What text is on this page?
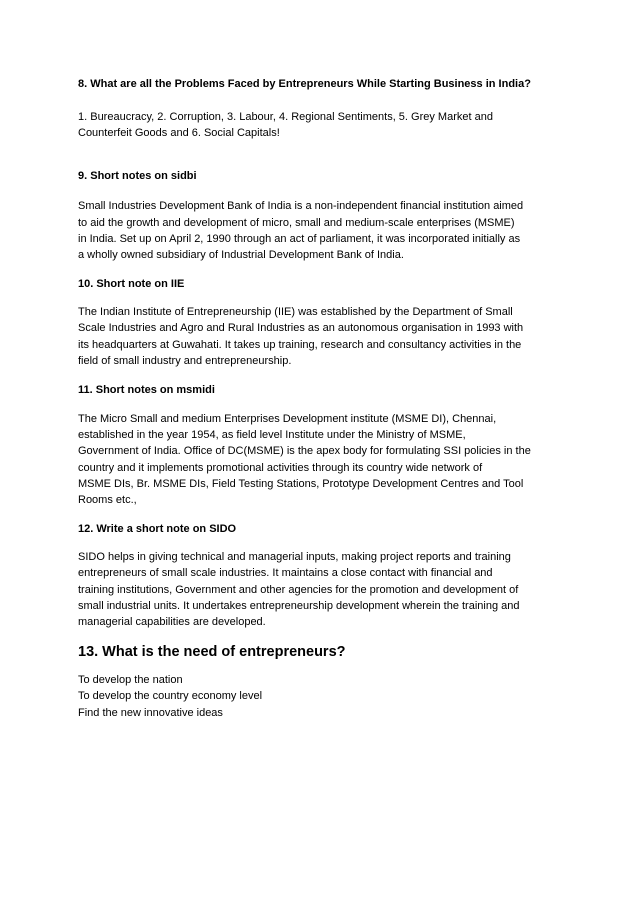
8. What are all the Problems Faced by Entrepreneurs While Starting Business in India?

1. Bureaucracy, 2. Corruption, 3. Labour, 4. Regional Sentiments, 5. Grey Market and
Counterfeit Goods and 6. Social Capitals!

9. Short notes on sidbi

Small Industries Development Bank of India is a non-independent financial institution aimed
to aid the growth and development of micro, small and medium-scale enterprises (MSME)
in India. Set up on April 2, 1990 through an act of parliament, it was incorporated initially as
a wholly owned subsidiary of Industrial Development Bank of India.

10. Short note on IIE

The Indian Institute of Entrepreneurship (IIE) was established by the Department of Small
Scale Industries and Agro and Rural Industries as an autonomous organisation in 1993 with
its headquarters at Guwahati. It takes up training, research and consultancy activities in the
field of small industry and entrepreneurship.

11. Short notes on msmidi

The Micro Small and medium Enterprises Development institute (MSME DI), Chennai,
established in the year 1954, as field level Institute under the Ministry of MSME,
Government of India. Office of DC(MSME) is the apex body for formulating SSI policies in the
country and it implements promotional activities through its country wide network of
MSME DIs, Br. MSME DIs, Field Testing Stations, Prototype Development Centres and Tool
Rooms etc.,

12. Write a short note on SIDO

SIDO helps in giving technical and managerial inputs, making project reports and training
entrepreneurs of small scale industries. It maintains a close contact with financial and
training institutions, Government and other agencies for the promotion and development of
small industrial units. It undertakes entrepreneurship development wherein the training and
managerial capabilities are developed.

13. What is the need of entrepreneurs?

To develop the nation
To develop the country economy level
Find the new innovative ideas
